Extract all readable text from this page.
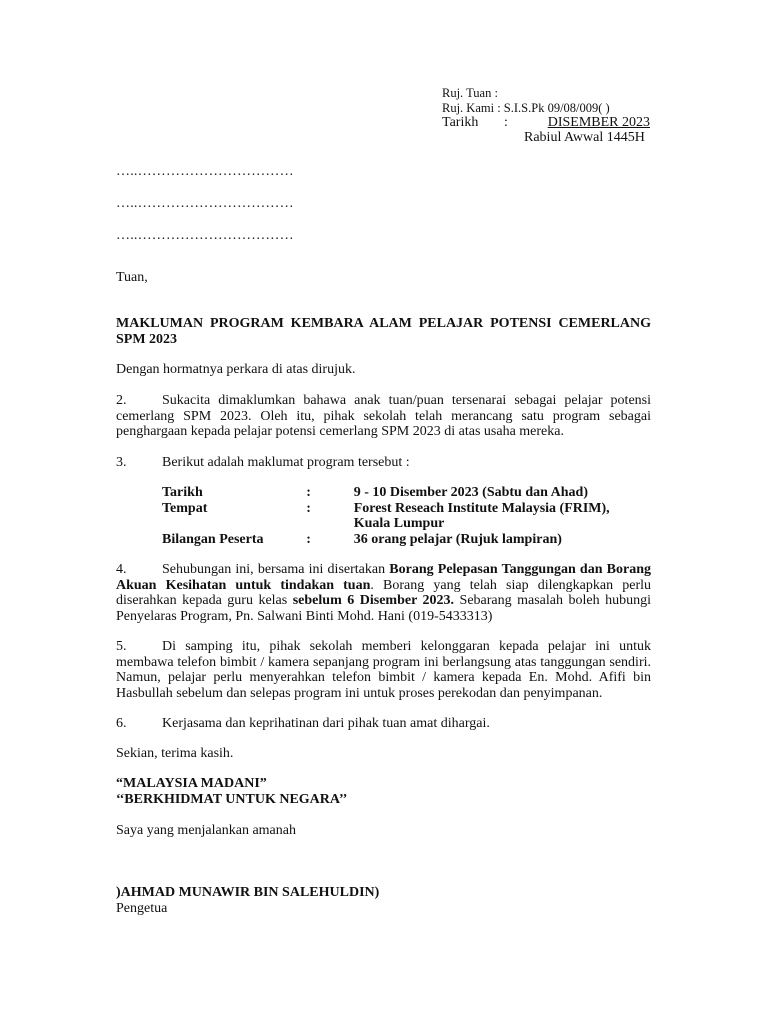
Ruj. Tuan :
Ruj. Kami : S.I.S.Pk 09/08/009( )
Tarikh :	DISEMBER 2023
Rabiul Awwal 1445H
…..……………………………
…..……………………………
…..……………………………
Tuan,
MAKLUMAN PROGRAM KEMBARA ALAM PELAJAR POTENSI CEMERLANG SPM 2023
Dengan hormatnya perkara di atas dirujuk.
2.	Sukacita dimaklumkan bahawa anak tuan/puan tersenarai sebagai pelajar potensi cemerlang SPM 2023. Oleh itu, pihak sekolah telah merancang satu program sebagai penghargaan kepada pelajar potensi cemerlang SPM 2023 di atas usaha mereka.
3.	Berikut adalah maklumat program tersebut :
Tarikh	:	9 - 10 Disember 2023 (Sabtu dan Ahad)
Tempat	:	Forest Reseach Institute Malaysia (FRIM), Kuala Lumpur
Bilangan Peserta	:	36 orang pelajar (Rujuk lampiran)
4.	Sehubungan ini, bersama ini disertakan Borang Pelepasan Tanggungan dan Borang Akuan Kesihatan untuk tindakan tuan. Borang yang telah siap dilengkapkan perlu diserahkan kepada guru kelas sebelum 6 Disember 2023. Sebarang masalah boleh hubungi Penyelaras Program, Pn. Salwani Binti Mohd. Hani (019-5433313)
5.	Di samping itu, pihak sekolah memberi kelonggaran kepada pelajar ini untuk membawa telefon bimbit / kamera sepanjang program ini berlangsung atas tanggungan sendiri. Namun, pelajar perlu menyerahkan telefon bimbit / kamera kepada En. Mohd. Afifi bin Hasbullah sebelum dan selepas program ini untuk proses perekodan dan penyimpanan.
6.	Kerjasama dan keprihatinan dari pihak tuan amat dihargai.
Sekian, terima kasih.
“MALAYSIA MADANI”
‘‘BERKHIDMAT UNTUK NEGARA’’
Saya yang menjalankan amanah
)AHMAD MUNAWIR BIN SALEHULDIN)
Pengetua
